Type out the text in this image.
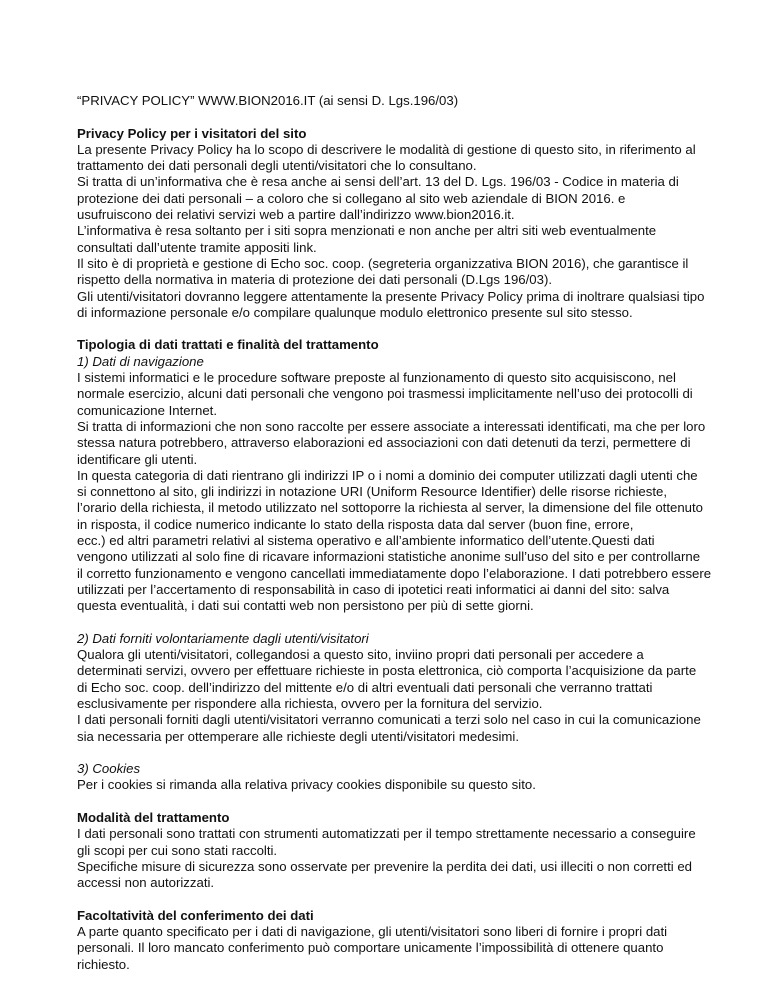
“PRIVACY POLICY” WWW.BION2016.IT (ai sensi D. Lgs.196/03)
Privacy Policy per i visitatori del sito
La presente Privacy Policy ha lo scopo di descrivere le modalità di gestione di questo sito, in riferimento al
trattamento dei dati personali degli utenti/visitatori che lo consultano.
Si tratta di un’informativa che è resa anche ai sensi dell’art. 13 del D. Lgs. 196/03 - Codice in materia di
protezione dei dati personali – a coloro che si collegano al sito web aziendale di BION 2016. e
usufruiscono dei relativi servizi web a partire dall’indirizzo www.bion2016.it.
L’informativa è resa soltanto per i siti sopra menzionati e non anche per altri siti web eventualmente
consultati dall’utente tramite appositi link.
Il sito è di proprietà e gestione di Echo soc. coop. (segreteria organizzativa BION 2016), che garantisce il
rispetto della normativa in materia di protezione dei dati personali (D.Lgs 196/03).
Gli utenti/visitatori dovranno leggere attentamente la presente Privacy Policy prima di inoltrare qualsiasi tipo
di informazione personale e/o compilare qualunque modulo elettronico presente sul sito stesso.
Tipologia di dati trattati e finalità del trattamento
1) Dati di navigazione
I sistemi informatici e le procedure software preposte al funzionamento di questo sito acquisiscono, nel
normale esercizio, alcuni dati personali che vengono poi trasmessi implicitamente nell’uso dei protocolli di
comunicazione Internet.
Si tratta di informazioni che non sono raccolte per essere associate a interessati identificati, ma che per loro
stessa natura potrebbero, attraverso elaborazioni ed associazioni con dati detenuti da terzi, permettere di
identificare gli utenti.
In questa categoria di dati rientrano gli indirizzi IP o i nomi a dominio dei computer utilizzati dagli utenti che
si connettono al sito, gli indirizzi in notazione URI (Uniform Resource Identifier) delle risorse richieste,
l’orario della richiesta, il metodo utilizzato nel sottoporre la richiesta al server, la dimensione del file ottenuto
in risposta, il codice numerico indicante lo stato della risposta data dal server (buon fine, errore,
ecc.) ed altri parametri relativi al sistema operativo e all’ambiente informatico dell’utente.Questi dati
vengono utilizzati al solo fine di ricavare informazioni statistiche anonime sull’uso del sito e per controllarne
il corretto funzionamento e vengono cancellati immediatamente dopo l’elaborazione. I dati potrebbero essere
utilizzati per l’accertamento di responsabilità in caso di ipotetici reati informatici ai danni del sito: salva
questa eventualità, i dati sui contatti web non persistono per più di sette giorni.
2) Dati forniti volontariamente dagli utenti/visitatori
Qualora gli utenti/visitatori, collegandosi a questo sito, inviino propri dati personali per accedere a
determinati servizi, ovvero per effettuare richieste in posta elettronica, ciò comporta l’acquisizione da parte
di Echo soc. coop. dell’indirizzo del mittente e/o di altri eventuali dati personali che verranno trattati
esclusivamente per rispondere alla richiesta, ovvero per la fornitura del servizio.
I dati personali forniti dagli utenti/visitatori verranno comunicati a terzi solo nel caso in cui la comunicazione
sia necessaria per ottemperare alle richieste degli utenti/visitatori medesimi.
3) Cookies
Per i cookies si rimanda alla relativa privacy cookies disponibile su questo sito.
Modalità del trattamento
I dati personali sono trattati con strumenti automatizzati per il tempo strettamente necessario a conseguire
gli scopi per cui sono stati raccolti.
Specifiche misure di sicurezza sono osservate per prevenire la perdita dei dati, usi illeciti o non corretti ed
accessi non autorizzati.
Facoltatività del conferimento dei dati
A parte quanto specificato per i dati di navigazione, gli utenti/visitatori sono liberi di fornire i propri dati
personali. Il loro mancato conferimento può comportare unicamente l’impossibilità di ottenere quanto
richiesto.
